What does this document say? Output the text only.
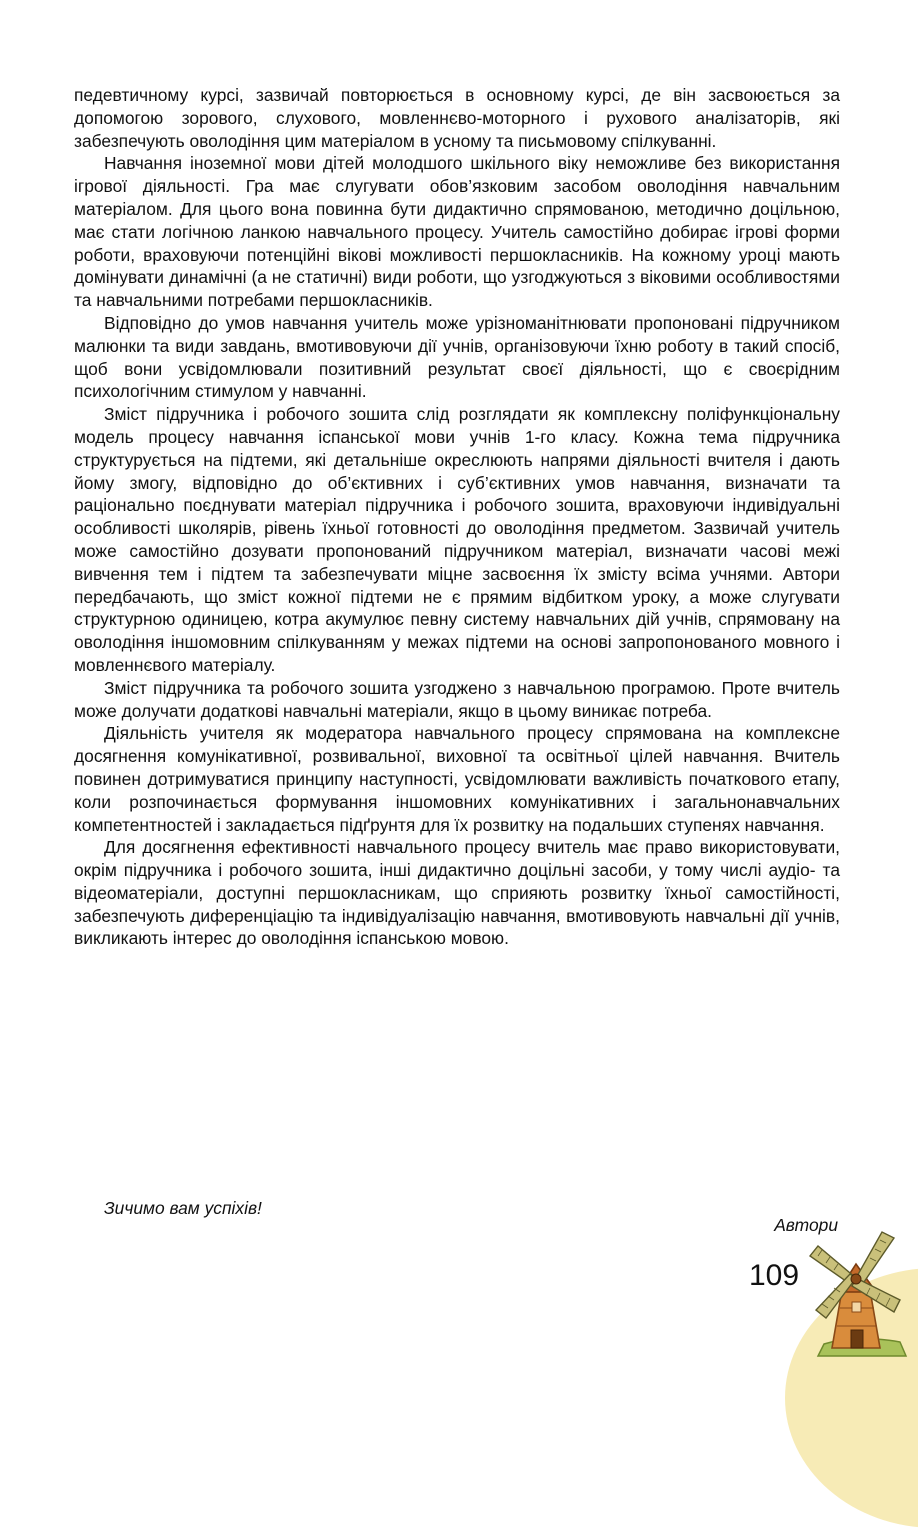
педевтичному курсі, зазвичай повторюється в основному курсі, де він засвоюється за допомогою зорового, слухового, мовленнєво-моторного і рухового аналізаторів, які забезпечують оволодіння цим матеріалом в усному та письмовому спілкуванні.

Навчання іноземної мови дітей молодшого шкільного віку неможливе без використання ігрової діяльності. Гра має слугувати обов’язковим засобом оволодіння навчальним матеріалом. Для цього вона повинна бути дидактично спрямованою, методично доцільною, має стати логічною ланкою навчального процесу. Учитель самостійно добирає ігрові форми роботи, враховуючи потенційні вікові можливості першокласників. На кожному уроці мають домінувати динамічні (а не статичні) види роботи, що узгоджуються з віковими особливостями та навчальними потребами першокласників.

Відповідно до умов навчання учитель може урізноманітнювати пропоновані підручником малюнки та види завдань, вмотивовуючи дії учнів, організовуючи їхню роботу в такий спосіб, щоб вони усвідомлювали позитивний результат своєї діяльності, що є своєрідним психологічним стимулом у навчанні.

Зміст підручника і робочого зошита слід розглядати як комплексну поліфункціональну модель процесу навчання іспанської мови учнів 1-го класу. Кожна тема підручника структурується на підтеми, які детальніше окреслюють напрями діяльності вчителя і дають йому змогу, відповідно до об’єктивних і суб’єктивних умов навчання, визначати та раціонально поєднувати матеріал підручника і робочого зошита, враховуючи індивідуальні особливості школярів, рівень їхньої готовності до оволодіння предметом. Зазвичай учитель може самостійно дозувати пропонований підручником матеріал, визначати часові межі вивчення тем і підтем та забезпечувати міцне засвоєння їх змісту всіма учнями. Автори передбачають, що зміст кожної підтеми не є прямим відбитком уроку, а може слугувати структурною одиницею, котра акумулює певну систему навчальних дій учнів, спрямовану на оволодіння іншомовним спілкуванням у межах підтеми на основі запропонованого мовного і мовленнєвого матеріалу.

Зміст підручника та робочого зошита узгоджено з навчальною програмою. Проте вчитель може долучати додаткові навчальні матеріали, якщо в цьому виникає потреба.

Діяльність учителя як модератора навчального процесу спрямована на комплексне досягнення комунікативної, розвивальної, виховної та освітньої цілей навчання. Вчитель повинен дотримуватися принципу наступності, усвідомлювати важливість початкового етапу, коли розпочинається формування іншомовних комунікативних і загальнонавчальних компетентностей і закладається підґрунтя для їх розвитку на подальших ступенях навчання.

Для досягнення ефективності навчального процесу вчитель має право використовувати, окрім підручника і робочого зошита, інші дидактично доцільні засоби, у тому числі аудіо- та відеоматеріали, доступні першокласникам, що сприяють розвитку їхньої самостійності, забезпечують диференціацію та індивідуалізацію навчання, вмотивовують навчальні дії учнів, викликають інтерес до оволодіння іспанською мовою.

Зичимо вам успіхів!

Автори

109
